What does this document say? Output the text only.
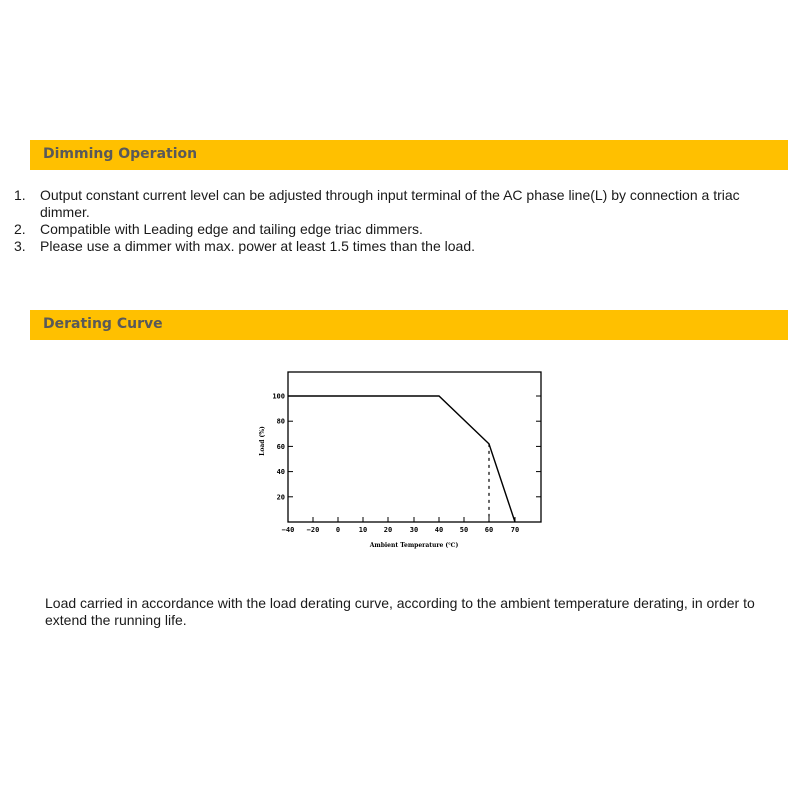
Dimming Operation
1. Output constant current level can be adjusted through input terminal of the AC phase line(L) by connection a triac dimmer.
2. Compatible with Leading edge and tailing edge triac dimmers.
3. Please use a dimmer with max. power at least 1.5 times than the load.
Derating Curve
−40 −20 0	10 20	30 40 50 60	70
20
40
60
80
100
Ambient Temperature (℃)
Load (%)

Load carried in accordance with the load derating curve, according to the ambient temperature derating, in order to extend the running life.
